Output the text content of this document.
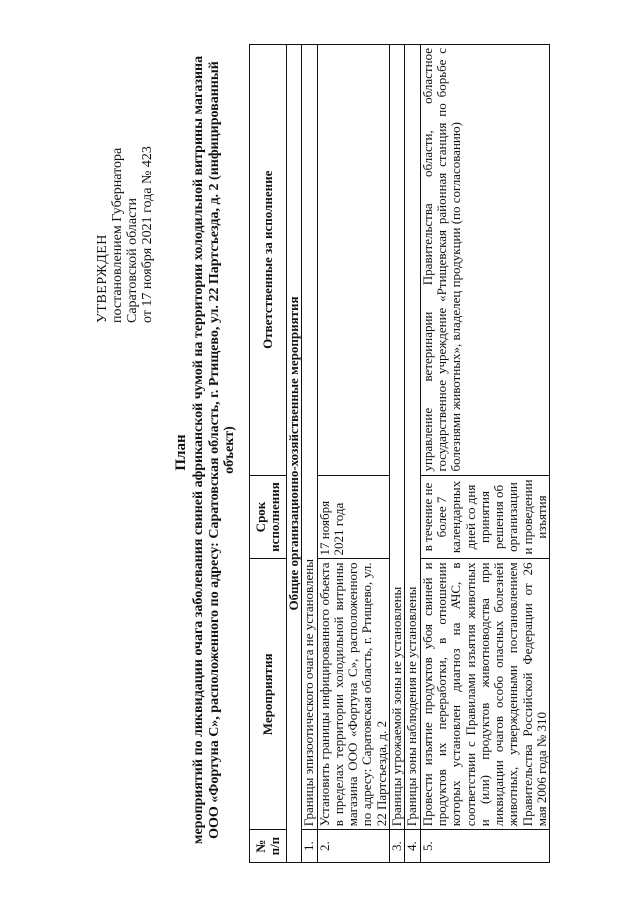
УТВЕРЖДЕН постановлением Губернатора Саратовской области от 17 ноября 2021 года № 423
План мероприятий по ликвидации очага заболевания свиней африканской чумой на территории холодильной витрины магазина ООО «Фортуна С», расположенного по адресу: Саратовская область, г. Ртищево, ул. 22 Партсъезда, д. 2 (инфицированный объект)
№ п/п	Мероприятия	Срок исполнения	Ответственные за исполнение
Общие организационно-хозяйственные мероприятия			
1.	Границы эпизоотического очага не установлены		
2.	Установить границы инфицированного объекта в пределах территории холодильной витрины магазина ООО «Фортуна С», расположенного по адресу: Саратовская область, г. Ртищево, ул. 22 Партсъезда, д. 2	17 ноября 2021 года	
3.	Границы угрожаемой зоны не установлены		
4.	Границы зоны наблюдения не установлены		
5.	Провести изъятие продуктов убоя свиней и продуктов их переработки, в отношении которых установлен диагноз на АЧС, в соответствии с Правилами изъятия животных и (или) продуктов животноводства при ликвидации очагов особо опасных болезней животных, утвержденными постановлением Правительства Российской Федерации от 26 мая 2006 года № 310	в течение не более 7 календарных дней со дня принятия решения об организации и проведении изъятия	управление ветеринарии Правительства области, областное государственное учреждение «Ртищевская районная станция по борьбе с болезнями животных», владелец продукции (по согласованию)
